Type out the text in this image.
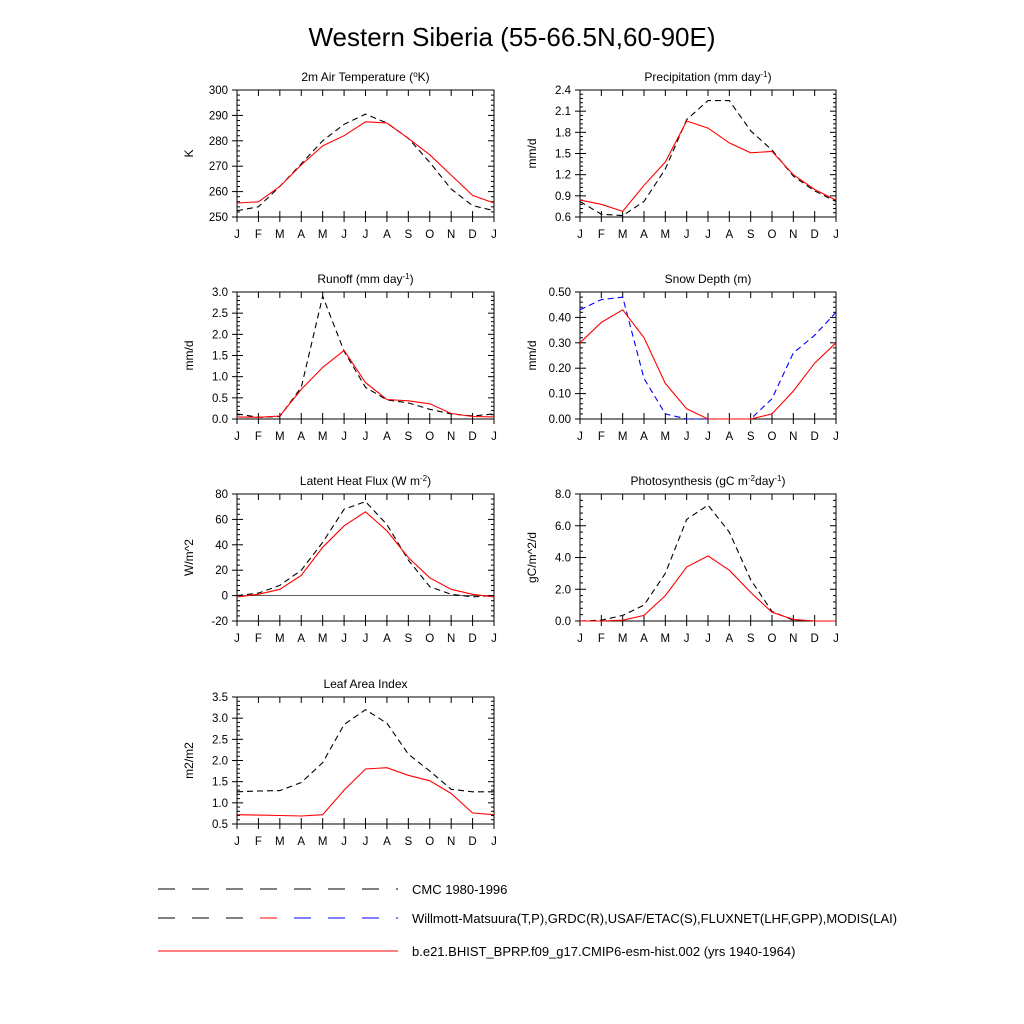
Western Siberia (55-66.5N,60-90E)
2m Air Temperature ($^o$K)
K
250
260
270
280
290
300
J F M A M J J A S O N D J
Precipitation (mm day$^{-1}$)
mm/d
0.6
0.9
1.2
1.5
1.8
2.1
2.4
J F M A M J J A S O N D J
Runoff (mm day$^{-1}$)
mm/d
0.0
0.5
1.0
1.5
2.0
2.5
3.0
J F M A M J J A S O N D J
Snow Depth (m)
mm/d
0.00
0.10
0.20
0.30
0.40
0.50
J F M A M J J A S O N D J
Latent Heat Flux (W $m^{-2}$)
W/m^2
-20
0
20
40
60
80
J F M A M J J A S O N D J
Photosynthesis (gC $m^{-2}day^{-1}$)
gC/m^2/d
0.0
2.0
4.0
6.0
8.0
J F M A M J J A S O N D J
Leaf Area Index
m2/m2
0.5
1.0
1.5
2.0
2.5
3.0
3.5
J F M A M J J A S O N D J
CMC 1980-1996
Willmott-Matsuura(T,P),GRDC(R),USAF/ETAC(S),FLUXNET(LHF,GPP),MODIS(LAI)
b.e21.BHIST_BPRP.f09_g17.CMIP6-esm-hist.002 (yrs 1940-1964)
